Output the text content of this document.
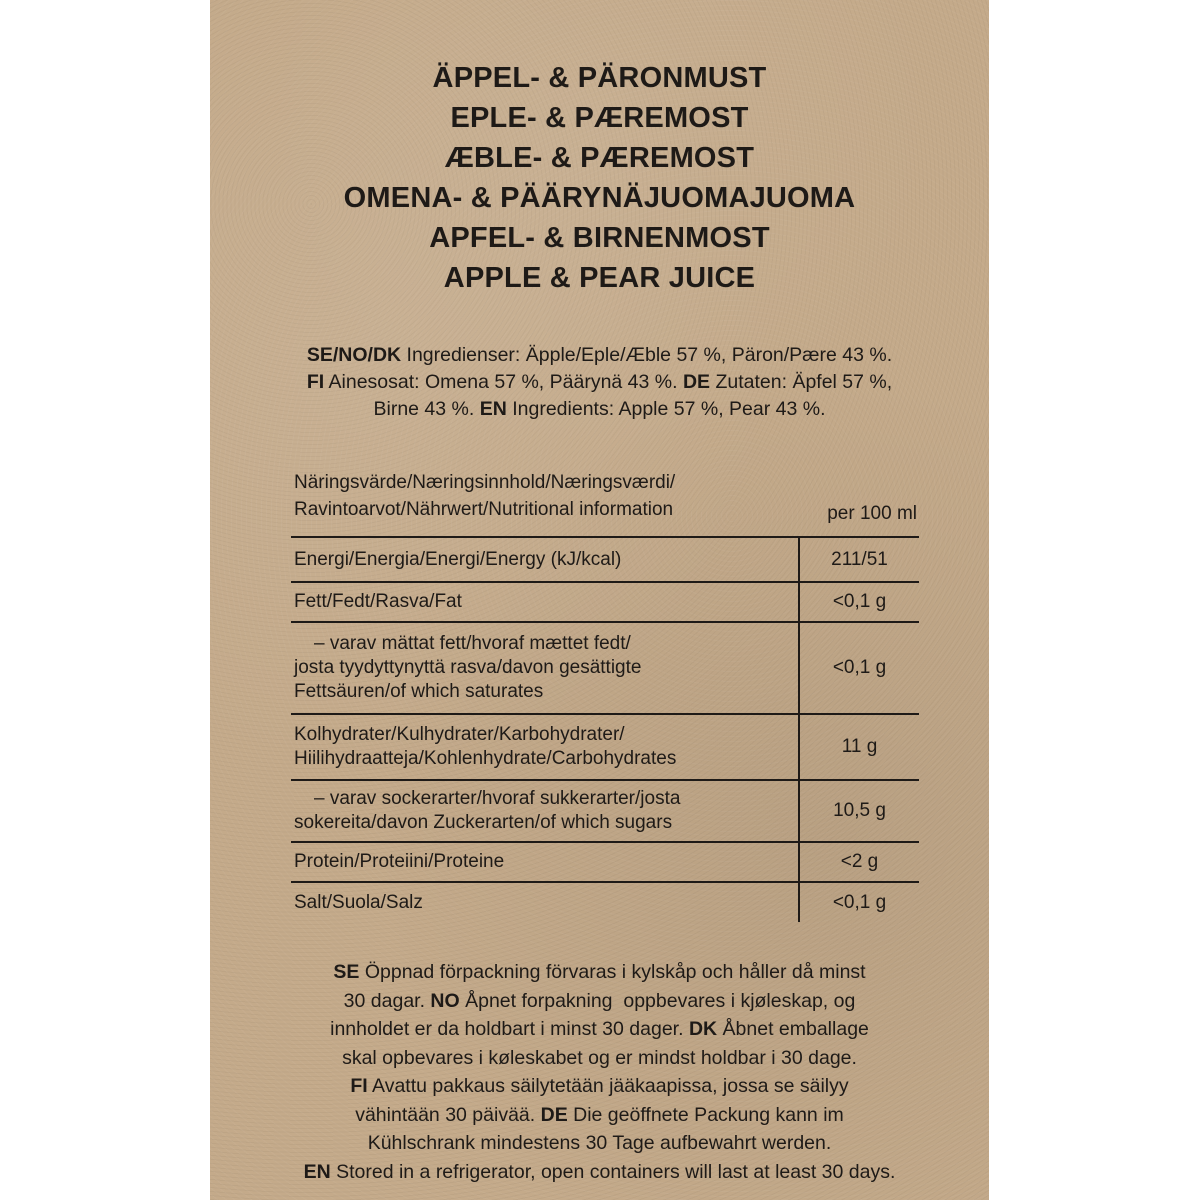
ÄPPEL- & PÄRONMUST
EPLE- & PÆREMOST
ÆBLE- & PÆREMOST
OMENA- & PÄÄRYNÄJUOMAJUOMA
APFEL- & BIRNENMOST
APPLE & PEAR JUICE
SE/NO/DK Ingredienser: Äpple/Eple/Æble 57 %, Päron/Pære 43 %.
FI Ainesosat: Omena 57 %, Päärynä 43 %. DE Zutaten: Äpfel 57 %,
Birne 43 %. EN Ingredients: Apple 57 %, Pear 43 %.
Näringsvärde/Næringsinnhold/Næringsværdi/
Ravintoarvot/Nährwert/Nutritional information	per 100 ml
Energi/Energia/Energi/Energy (kJ/kcal)	211/51

Fett/Fedt/Rasva/Fat	<0,1 g

– varav mättat fett/hvoraf mættet fedt/
josta tyydyttynyttä rasva/davon gesättigte
Fettsäuren/of which saturates	<0,1 g

Kolhydrater/Kulhydrater/Karbohydrater/
Hiilihydraatteja/Kohlenhydrate/Carbohydrates	11 g

– varav sockerarter/hvoraf sukkerarter/josta
sokereita/davon Zuckerarten/of which sugars	10,5 g

Protein/Proteiini/Proteine	<2 g

Salt/Suola/Salz	<0,1 g
SE Öppnad förpackning förvaras i kylskåp och håller då minst
30 dagar. NO Åpnet forpakning  oppbevares i kjøleskap, og
innholdet er da holdbart i minst 30 dager. DK Åbnet emballage
skal opbevares i køleskabet og er mindst holdbar i 30 dage.
FI Avattu pakkaus säilytetään jääkaapissa, jossa se säilyy
vähintään 30 päivää. DE Die geöffnete Packung kann im
Kühlschrank mindestens 30 Tage aufbewahrt werden.
EN Stored in a refrigerator, open containers will last at least 30 days.
